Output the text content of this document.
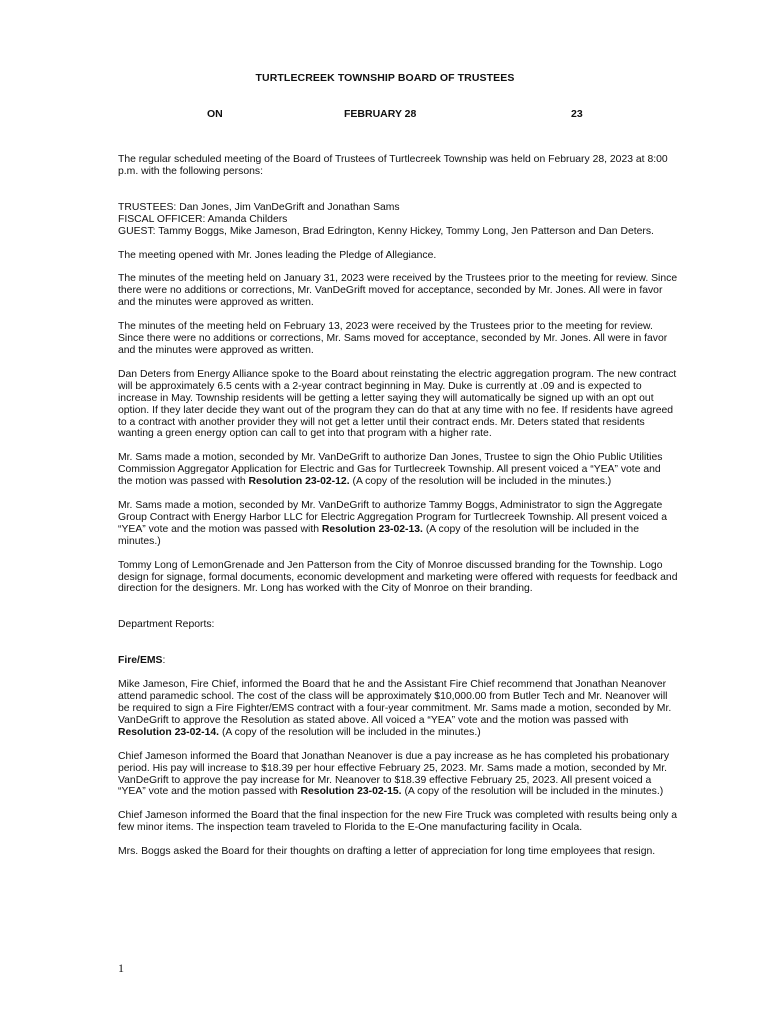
TURTLECREEK TOWNSHIP BOARD OF TRUSTEES
ON	FEBRUARY 28	23

The regular scheduled meeting of the Board of Trustees of Turtlecreek Township was held on February 28, 2023 at 8:00 p.m. with the following persons:

TRUSTEES: Dan Jones, Jim VanDeGrift and Jonathan Sams

FISCAL OFFICER: Amanda Childers

GUEST: Tammy Boggs, Mike Jameson, Brad Edrington, Kenny Hickey, Tommy Long, Jen Patterson and Dan Deters.

The meeting opened with Mr. Jones leading the Pledge of Allegiance.

The minutes of the meeting held on January 31, 2023 were received by the Trustees prior to the meeting for review. Since there were no additions or corrections, Mr. VanDeGrift moved for acceptance, seconded by Mr. Jones. All were in favor and the minutes were approved as written.

The minutes of the meeting held on February 13, 2023 were received by the Trustees prior to the meeting for review. Since there were no additions or corrections, Mr. Sams moved for acceptance, seconded by Mr. Jones. All were in favor and the minutes were approved as written.

Dan Deters from Energy Alliance spoke to the Board about reinstating the electric aggregation program. The new contract will be approximately 6.5 cents with a 2-year contract beginning in May. Duke is currently at .09 and is expected to increase in May. Township residents will be getting a letter saying they will automatically be signed up with an opt out option. If they later decide they want out of the program they can do that at any time with no fee. If residents have agreed to a contract with another provider they will not get a letter until their contract ends. Mr. Deters stated that residents wanting a green energy option can call to get into that program with a higher rate.

Mr. Sams made a motion, seconded by Mr. VanDeGrift to authorize Dan Jones, Trustee to sign the Ohio Public Utilities Commission Aggregator Application for Electric and Gas for Turtlecreek Township. All present voiced a “YEA” vote and the motion was passed with Resolution 23-02-12. (A copy of the resolution will be included in the minutes.)

Mr. Sams made a motion, seconded by Mr. VanDeGrift to authorize Tammy Boggs, Administrator to sign the Aggregate Group Contract with Energy Harbor LLC for Electric Aggregation Program for Turtlecreek Township. All present voiced a “YEA” vote and the motion was passed with Resolution 23-02-13. (A copy of the resolution will be included in the minutes.)

Tommy Long of LemonGrenade and Jen Patterson from the City of Monroe discussed branding for the Township. Logo design for signage, formal documents, economic development and marketing were offered with requests for feedback and direction for the designers. Mr. Long has worked with the City of Monroe on their branding.

Department Reports:

Fire/EMS:

Mike Jameson, Fire Chief, informed the Board that he and the Assistant Fire Chief recommend that Jonathan Neanover attend paramedic school. The cost of the class will be approximately $10,000.00 from Butler Tech and Mr. Neanover will be required to sign a Fire Fighter/EMS contract with a four-year commitment. Mr. Sams made a motion, seconded by Mr. VanDeGrift to approve the Resolution as stated above. All voiced a “YEA” vote and the motion was passed with Resolution 23-02-14. (A copy of the resolution will be included in the minutes.)

Chief Jameson informed the Board that Jonathan Neanover is due a pay increase as he has completed his probationary period. His pay will increase to $18.39 per hour effective February 25, 2023. Mr. Sams made a motion, seconded by Mr. VanDeGrift to approve the pay increase for Mr. Neanover to $18.39 effective February 25, 2023. All present voiced a “YEA” vote and the motion passed with Resolution 23-02-15. (A copy of the resolution will be included in the minutes.)

Chief Jameson informed the Board that the final inspection for the new Fire Truck was completed with results being only a few minor items. The inspection team traveled to Florida to the E-One manufacturing facility in Ocala.

Mrs. Boggs asked the Board for their thoughts on drafting a letter of appreciation for long time employees that resign.

1
